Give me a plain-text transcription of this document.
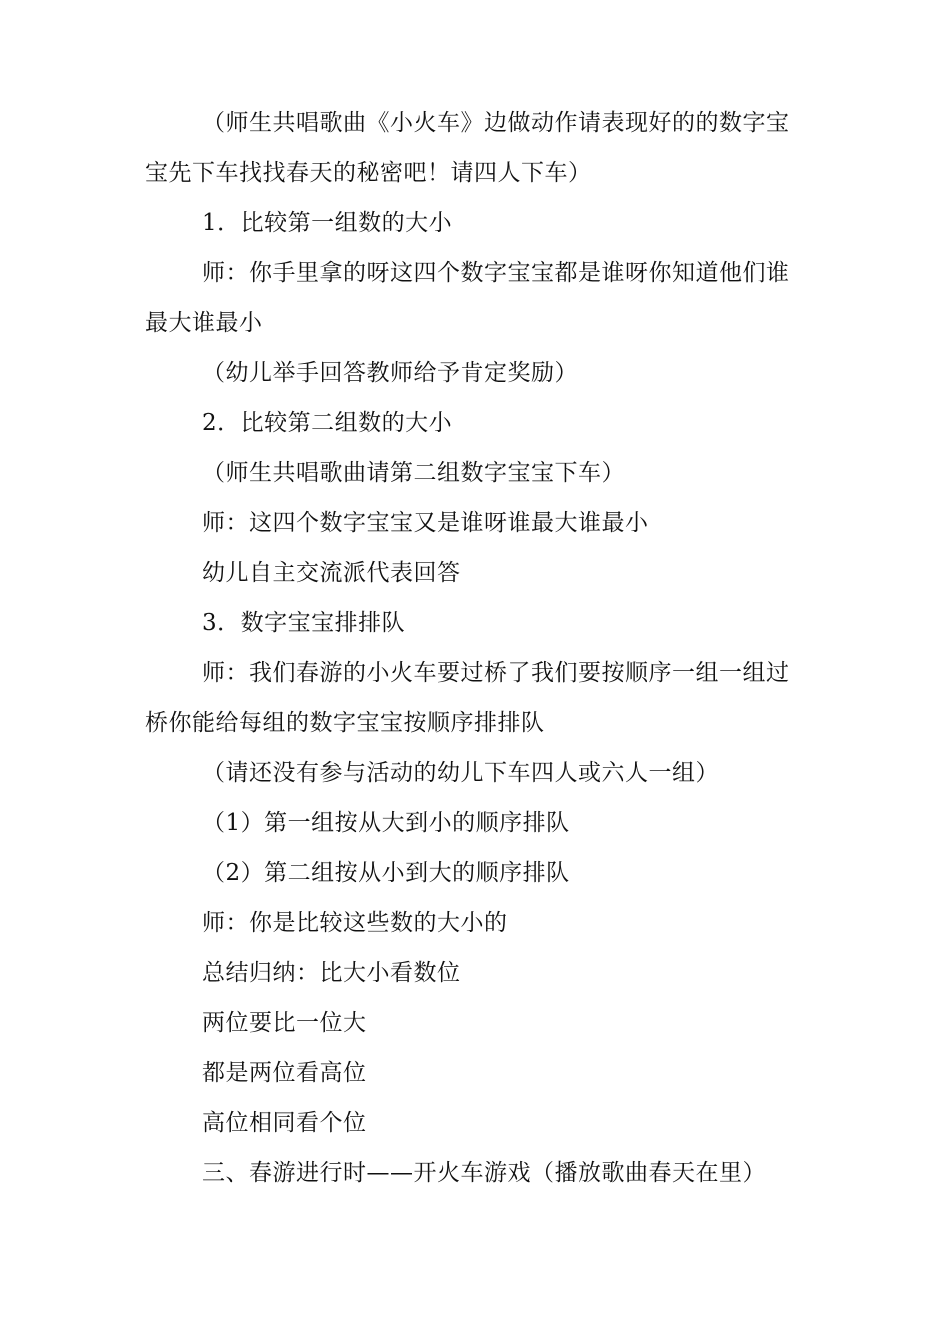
（师生共唱歌曲《小火车》边做动作请表现好的的数字宝宝先下车找找春天的秘密吧！请四人下车）

1．比较第一组数的大小

师：你手里拿的呀这四个数字宝宝都是谁呀你知道他们谁最大谁最小

（幼儿举手回答教师给予肯定奖励）

2．比较第二组数的大小

（师生共唱歌曲请第二组数字宝宝下车）

师：这四个数字宝宝又是谁呀谁最大谁最小

幼儿自主交流派代表回答

3．数字宝宝排排队

师：我们春游的小火车要过桥了我们要按顺序一组一组过桥你能给每组的数字宝宝按顺序排排队

（请还没有参与活动的幼儿下车四人或六人一组）

（1）第一组按从大到小的顺序排队

（2）第二组按从小到大的顺序排队

师：你是比较这些数的大小的

总结归纳：比大小看数位

两位要比一位大

都是两位看高位

高位相同看个位

三、春游进行时——开火车游戏（播放歌曲春天在里）
